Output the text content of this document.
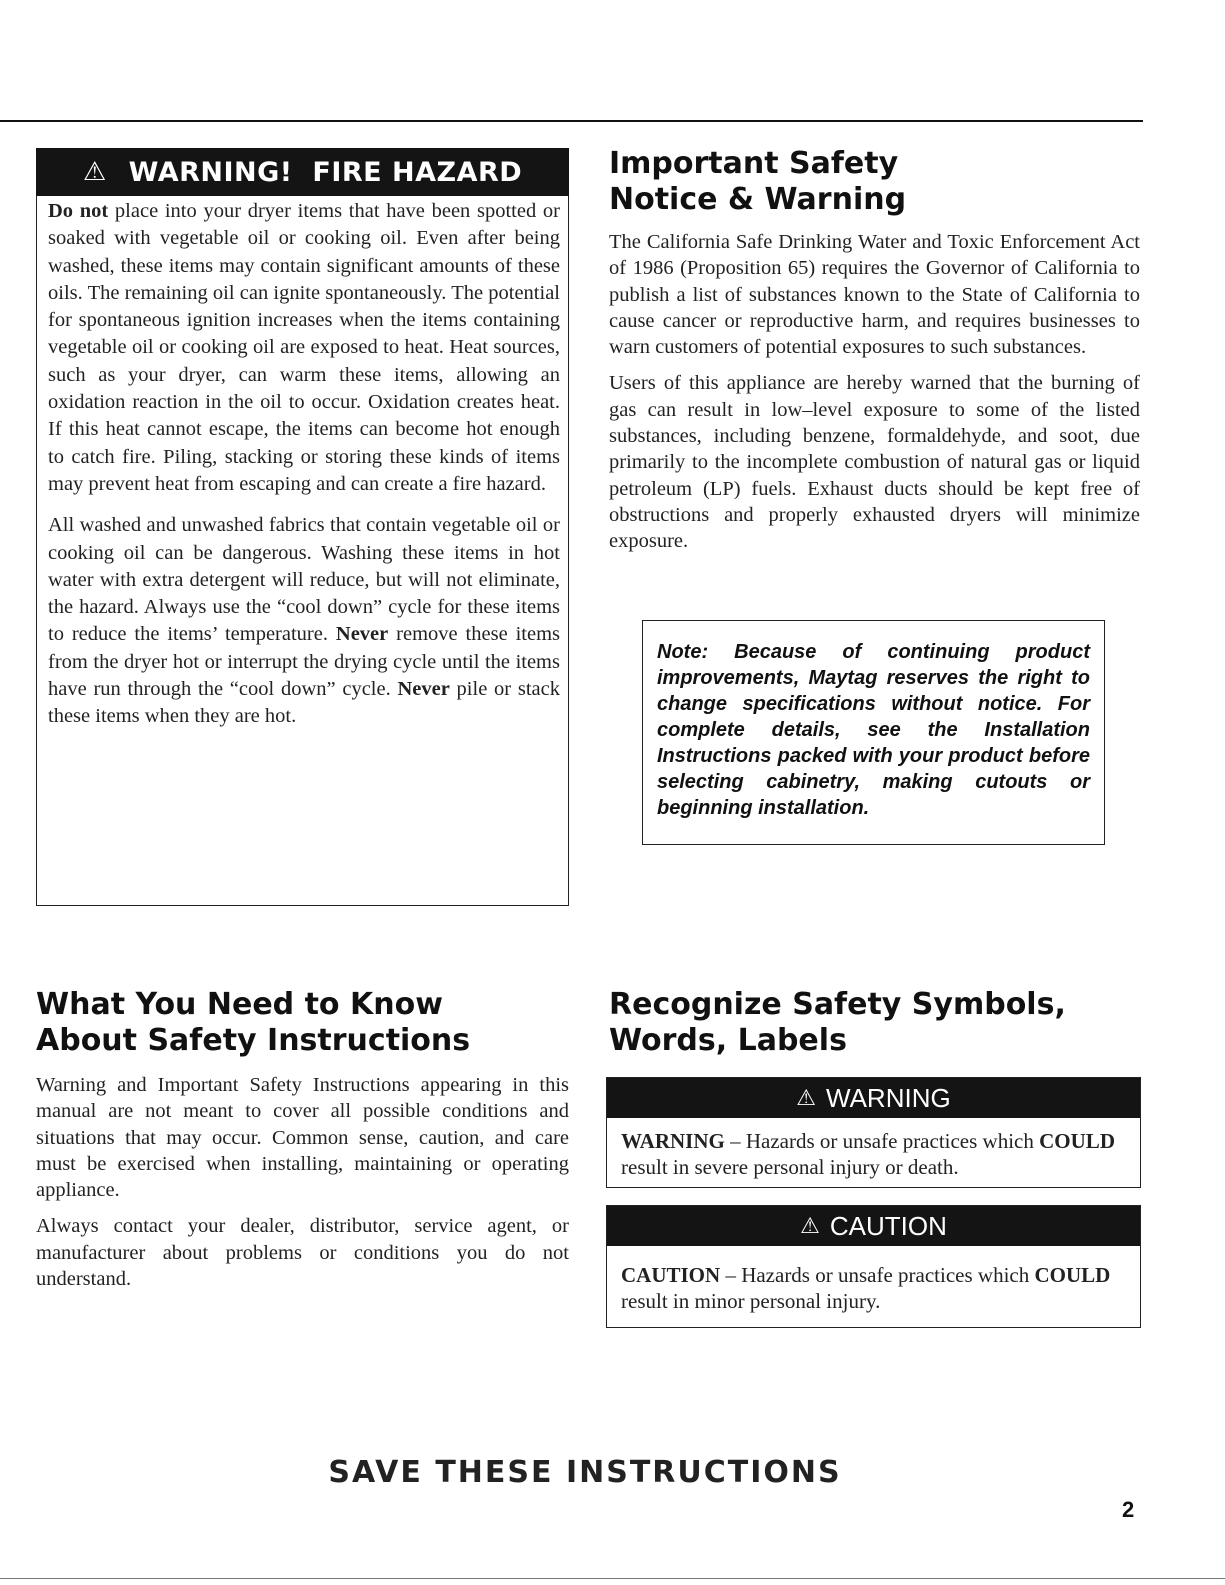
⚠ WARNING!  FIRE HAZARD

Do not place into your dryer items that have been spotted or soaked with vegetable oil or cooking oil. Even after being washed, these items may contain significant amounts of these oils. The remaining oil can ignite spontaneously. The potential for spontaneous ignition increases when the items containing vegetable oil or cooking oil are exposed to heat. Heat sources, such as your dryer, can warm these items, allowing an oxidation reaction in the oil to occur. Oxidation creates heat. If this heat cannot escape, the items can become hot enough to catch fire. Piling, stacking or storing these kinds of items may prevent heat from escaping and can create a fire hazard.

All washed and unwashed fabrics that contain vegetable oil or cooking oil can be dangerous. Washing these items in hot water with extra detergent will reduce, but will not eliminate, the hazard. Always use the “cool down” cycle for these items to reduce the items’ temperature. Never remove these items from the dryer hot or interrupt the drying cycle until the items have run through the “cool down” cycle. Never pile or stack these items when they are hot.

Important Safety
Notice & Warning

The California Safe Drinking Water and Toxic Enforcement Act of 1986 (Proposition 65) requires the Governor of California to publish a list of substances known to the State of California to cause cancer or reproductive harm, and requires businesses to warn customers of potential exposures to such substances.

Users of this appliance are hereby warned that the burning of gas can result in low–level exposure to some of the listed substances, including benzene, formaldehyde, and soot, due primarily to the incomplete combustion of natural gas or liquid petroleum (LP) fuels. Exhaust ducts should be kept free of obstructions and properly exhausted dryers will minimize exposure.

Note: Because of continuing product improvements, Maytag reserves the right to change specifications without notice. For complete details, see the Installation Instructions packed with your product before selecting cabinetry, making cutouts or beginning installation.
What You Need to Know
About Safety Instructions

Warning and Important Safety Instructions appearing in this manual are not meant to cover all possible conditions and situations that may occur. Common sense, caution, and care must be exercised when installing, maintaining or operating appliance.

Always contact your dealer, distributor, service agent, or manufacturer about problems or conditions you do not understand.

Recognize Safety Symbols,
Words, Labels
⚠ WARNING
WARNING – Hazards or unsafe practices which COULD result in severe personal injury or death.
⚠ CAUTION
CAUTION – Hazards or unsafe practices which COULD result in minor personal injury.
SAVE THESE INSTRUCTIONS
2
